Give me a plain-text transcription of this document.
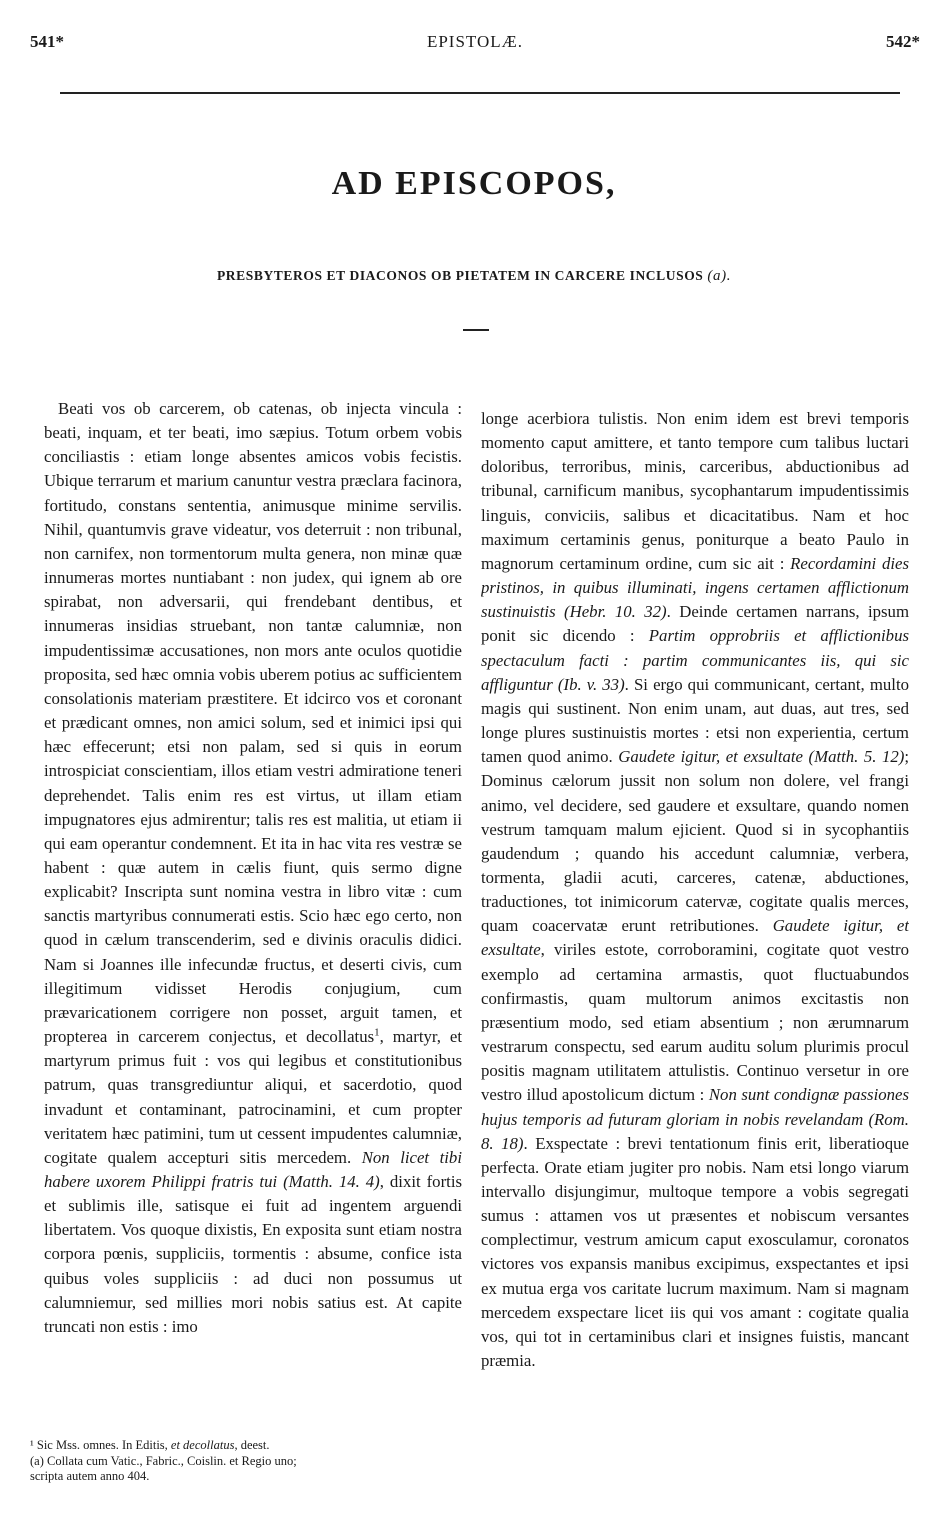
541*	EPISTOLÆ.	542*
AD EPISCOPOS,
PRESBYTEROS ET DIACONOS OB PIETATEM IN CARCERE INCLUSOS (a).

Beati vos ob carcerem, ob catenas, ob injecta vincula : beati, inquam, et ter beati, imo sæpius. Totum orbem vobis conciliastis : etiam longe absentes amicos vobis fecistis. Ubique terrarum et marium canuntur vestra præclara facinora, fortitudo, constans sententia, animusque minime servilis. Nihil, quantumvis grave videatur, vos deterruit : non tribunal, non carnifex, non tormentorum multa genera, non minæ quæ innumeras mortes nuntiabant : non judex, qui ignem ab ore spirabat, non adversarii, qui frendebant dentibus, et innumeras insidias struebant, non tantæ calumniæ, non impudentissimæ accusationes, non mors ante oculos quotidie proposita, sed hæc omnia vobis uberem potius ac sufficientem consolationis materiam præstitere. Et idcirco vos et coronant et prædicant omnes, non amici solum, sed et inimici ipsi qui hæc effecerunt; etsi non palam, sed si quis in eorum introspiciat conscientiam, illos etiam vestri admiratione teneri deprehendet. Talis enim res est virtus, ut illam etiam impugnatores ejus admirentur; talis res est malitia, ut etiam ii qui eam operantur condemnent. Et ita in hac vita res vestræ se habent : quæ autem in cælis fiunt, quis sermo digne explicabit? Inscripta sunt nomina vestra in libro vitæ : cum sanctis martyribus connumerati estis. Scio hæc ego certo, non quod in cælum transcenderim, sed e divinis oraculis didici. Nam si Joannes ille infecundæ fructus, et deserti civis, cum illegitimum vidisset Herodis conjugium, cum prævaricationem corrigere non posset, arguit tamen, et propterea in carcerem conjectus, et decollatus$^1$, martyr, et martyrum primus fuit : vos qui legibus et constitutionibus patrum, quas transgrediuntur aliqui, et sacerdotio, quod invadunt et contaminant, patrocinamini, et cum propter veritatem hæc patimini, tum ut cessent impudentes calumniæ, cogitate qualem accepturi sitis mercedem. Non licet tibi habere uxorem Philippi fratris tui (Matth. 14. 4), dixit fortis et sublimis ille, satisque ei fuit ad ingentem arguendi libertatem. Vos quoque dixistis, En exposita sunt etiam nostra corpora pœnis, suppliciis, tormentis : absume, confice ista quibus voles suppliciis : ad duci non possumus ut calumniemur, sed millies mori nobis satius est. At capite truncati non estis : imo

longe acerbiora tulistis. Non enim idem est brevi temporis momento caput amittere, et tanto tempore cum talibus luctari doloribus, terroribus, minis, carceribus, abductionibus ad tribunal, carnificum manibus, sycophantarum impudentissimis linguis, conviciis, salibus et dicacitatibus. Nam et hoc maximum certaminis genus, poniturque a beato Paulo in magnorum certaminum ordine, cum sic ait : Recordamini dies pristinos, in quibus illuminati, ingens certamen afflictionum sustinuistis (Hebr. 10. 32). Deinde certamen narrans, ipsum ponit sic dicendo : Partim opprobriis et afflictionibus spectaculum facti : partim communicantes iis, qui sic affliguntur (Ib. v. 33). Si ergo qui communicant, certant, multo magis qui sustinent. Non enim unam, aut duas, aut tres, sed longe plures sustinuistis mortes : etsi non experientia, certum tamen quod animo. Gaudete igitur, et exsultate (Matth. 5. 12); Dominus cælorum jussit non solum non dolere, vel frangi animo, vel decidere, sed gaudere et exsultare, quando nomen vestrum tamquam malum ejicient. Quod si in sycophantiis gaudendum ; quando his accedunt calumniæ, verbera, tormenta, gladii acuti, carceres, catenæ, abductiones, traductiones, tot inimicorum catervæ, cogitate qualis merces, quam coacervatæ erunt retributiones. Gaudete igitur, et exsultate, viriles estote, corroboramini, cogitate quot vestro exemplo ad certamina armastis, quot fluctuabundos confirmastis, quam multorum animos excitastis non præsentium modo, sed etiam absentium ; non ærumnarum vestrarum conspectu, sed earum auditu solum plurimis procul positis magnam utilitatem attulistis. Continuo versetur in ore vestro illud apostolicum dictum : Non sunt condignæ passiones hujus temporis ad futuram gloriam in nobis revelandam (Rom. 8. 18). Exspectate : brevi tentationum finis erit, liberatioque perfecta. Orate etiam jugiter pro nobis. Nam etsi longo viarum intervallo disjungimur, multoque tempore a vobis segregati sumus : attamen vos ut præsentes et nobiscum versantes complectimur, vestrum amicum caput exosculamur, coronatos victores vos expansis manibus excipimus, exspectantes et ipsi ex mutua erga vos caritate lucrum maximum. Nam si magnam mercedem exspectare licet iis qui vos amant : cogitate qualia vos, qui tot in certaminibus clari et insignes fuistis, mancant præmia.

¹ Sic Mss. omnes. In Editis, et decollatus, deest.
(a) Collata cum Vatic., Fabric., Coislin. et Regio uno;
scripta autem anno 404.
